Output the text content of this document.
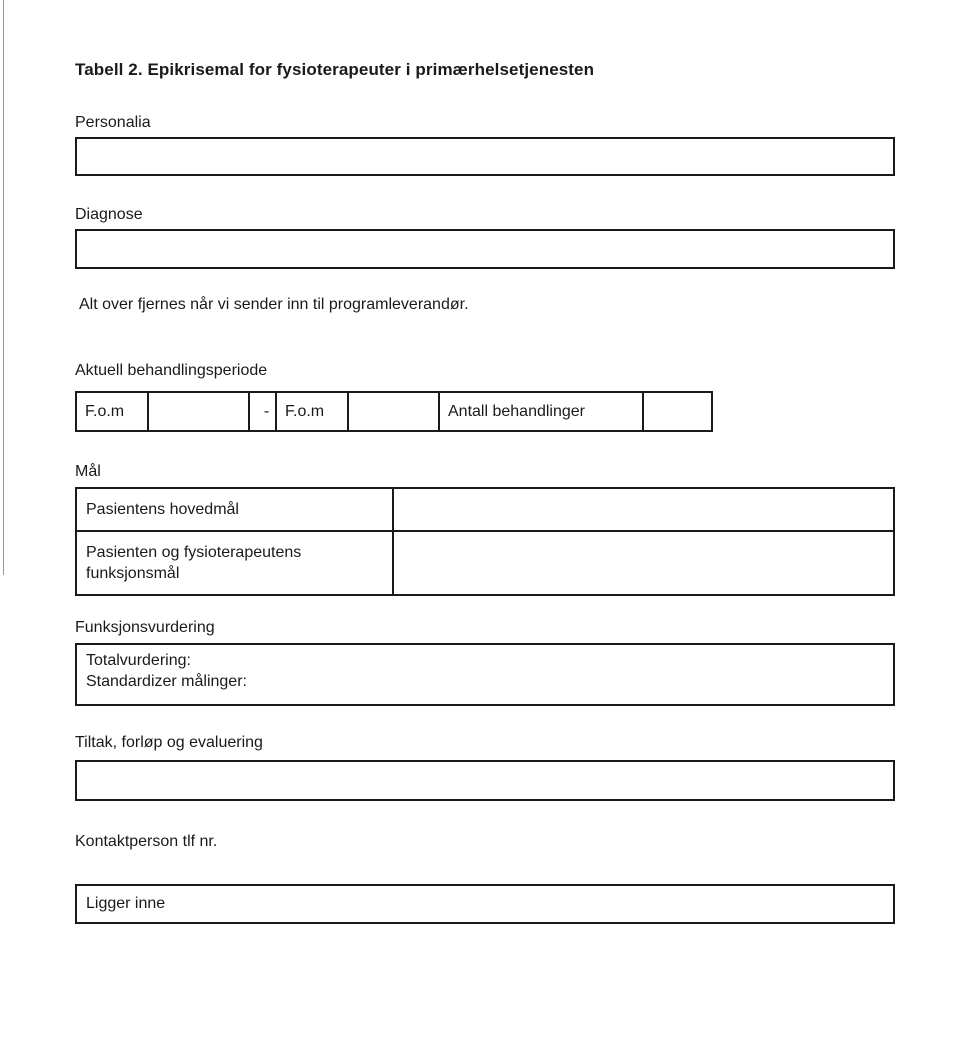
Tabell 2. Epikrisemal for fysioterapeuter i primærhelsetjenesten
Personalia
Diagnose
Alt over fjernes når vi sender inn til programleverandør.
Aktuell behandlingsperiode
F.o.m	- F.o.m	Antall behandlinger
Mål
Pasientens hovedmål
Pasienten og fysioterapeutens funksjonsmål
Funksjonsvurdering
Totalvurdering:
Standardizer målinger:
Tiltak, forløp og evaluering
Kontaktperson tlf nr.
Ligger inne
